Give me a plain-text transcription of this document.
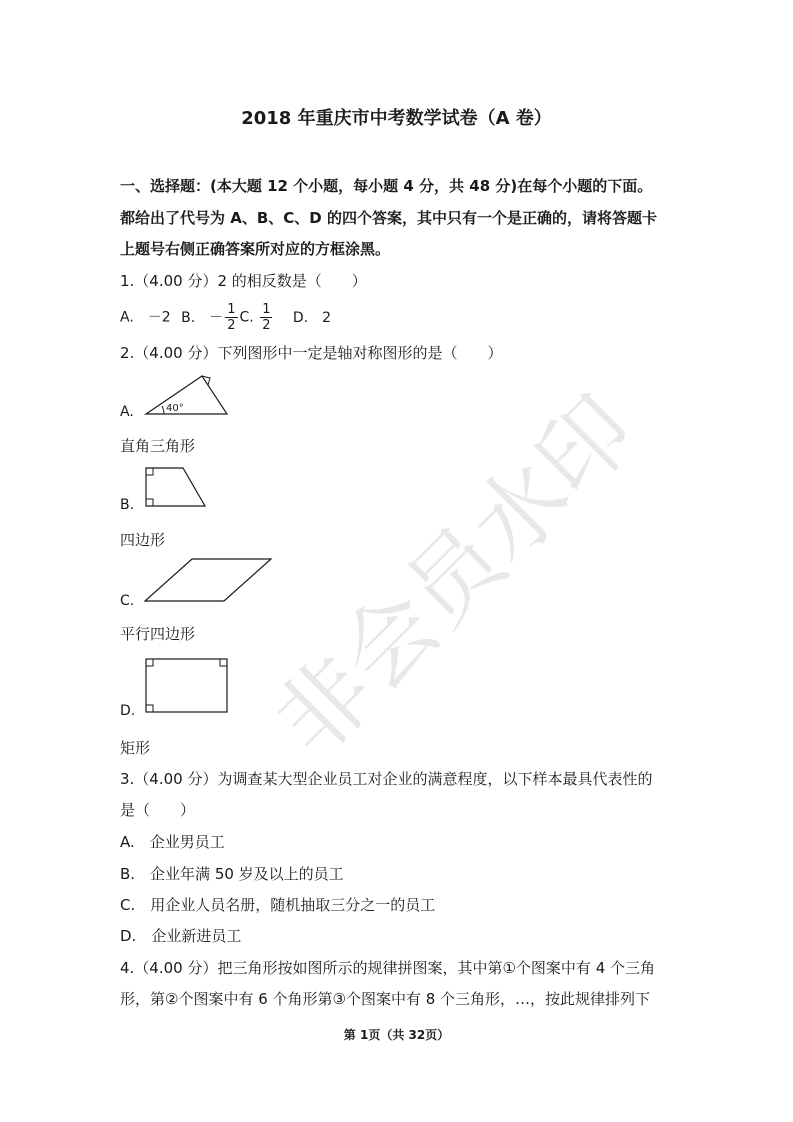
非会员水印
2018 年重庆市中考数学试卷（A 卷）
一、选择题：(本大题 12 个小题，每小题 4 分，共 48 分)在每个小题的下面。
都给出了代号为 A、B、C、D 的四个答案，其中只有一个是正确的，请将答题卡
上题号右侧正确答案所对应的方框涂黑。
1.（4.00 分）2 的相反数是（　　）
A.　－2 B.　－ $\frac{1}{2} C$. $\frac{1}{2} D$.　2
2.（4.00 分）下列图形中一定是轴对称图形的是（　　）
A.	40°
直角三角形
B.
四边形
C.
平行四边形
D.
矩形
3.（4.00 分）为调查某大型企业员工对企业的满意程度，以下样本最具代表性的
是（　　）
A.　企业男员工
B.　企业年满 50 岁及以上的员工
C.　用企业人员名册，随机抽取三分之一的员工
D.　企业新进员工
4.（4.00 分）把三角形按如图所示的规律拼图案，其中第①个图案中有 4 个三角
形，第②个图案中有 6 个角形第③个图案中有 8 个三角形，…，按此规律排列下
第 1页（共 32页）
